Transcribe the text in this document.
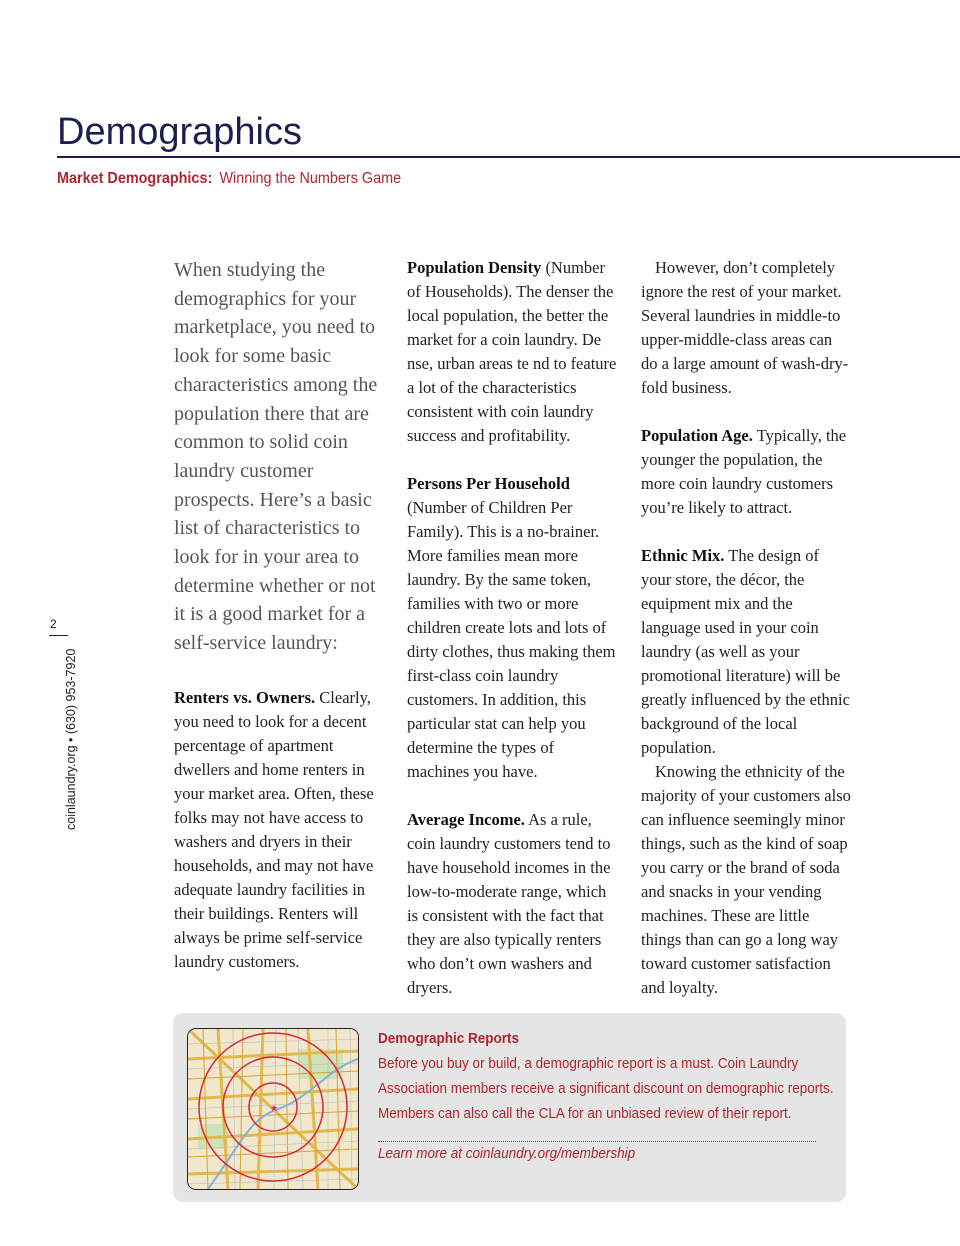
Demographics
Market Demographics: Winning the Numbers Game
2
coinlaundry.org • (630) 953-7920

When studying the demographics for your marketplace, you need to look for some basic characteristics among the population there that are common to solid coin laundry customer prospects. Here’s a basic list of characteristics to look for in your area to determine whether or not it is a good market for a self-service laundry:

Renters vs. Owners. Clearly, you need to look for a decent percentage of apartment dwellers and home renters in your market area. Often, these folks may not have access to washers and dryers in their households, and may not have adequate laundry facilities in their buildings. Renters will always be prime self-service laundry customers.

Population Density (Number of Households). The denser the local population, the better the market for a coin laundry. De nse, urban areas te nd to feature a lot of the characteristics consistent with coin laundry success and profitability.

Persons Per Household (Number of Children Per Family). This is a no-brainer. More families mean more laundry. By the same token, families with two or more children create lots and lots of dirty clothes, thus making them first-class coin laundry customers. In addition, this particular stat can help you determine the types of machines you have.

Average Income. As a rule, coin laundry customers tend to have household incomes in the low-to-moderate range, which is consistent with the fact that they are also typically renters who don’t own washers and dryers.

However, don’t completely ignore the rest of your market. Several laundries in middle-to upper-middle-class areas can do a large amount of wash-dry-fold business.

Population Age. Typically, the younger the population, the more coin laundry customers you’re likely to attract.

Ethnic Mix. The design of your store, the décor, the equipment mix and the language used in your coin laundry (as well as your promotional literature) will be greatly influenced by the ethnic background of the local population.

Knowing the ethnicity of the majority of your customers also can influence seemingly minor things, such as the kind of soap you carry or the brand of soda and snacks in your vending machines. These are little things than can go a long way toward customer satisfaction and loyalty.

★
Demographic Reports

Before you buy or build, a demographic report is a must. Coin Laundry

Association members receive a significant discount on demographic reports.

Members can also call the CLA for an unbiased review of their report.

Learn more at coinlaundry.org/membership
